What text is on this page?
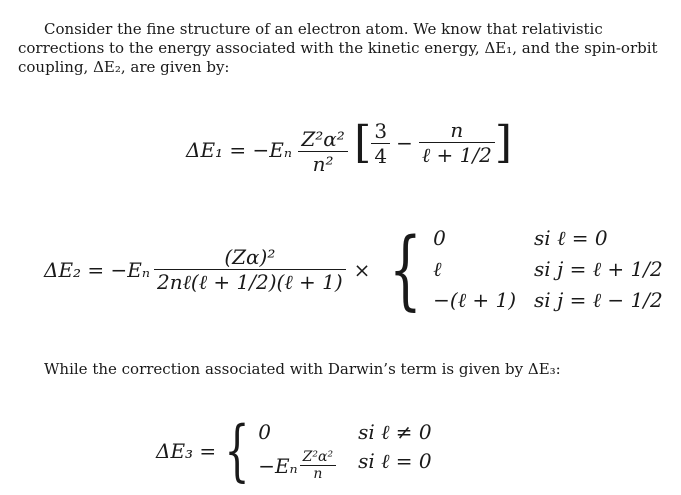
Consider the fine structure of an electron atom. We know that relativistic corrections to the energy associated with the kinetic energy, ΔE₁, and the spin-orbit coupling, ΔE₂, are given by:

$\Delta E_1 = -E_n \frac{\text{Z²α²}}{\text{n²}}$
[ $\frac{3}{4} - \frac{n}{\text{ℓ + 1/2}}$ ]
$\Delta E_2 = -E_n \frac{\text{(Zα)²}}{\text{2nℓ(ℓ + 1/2)(ℓ + 1)}}$ × { 0	si ℓ = 0
ℓ	si j = ℓ + 1/2
−(ℓ + 1) si j = ℓ − 1/2

While the correction associated with Darwin’s term is given by ΔE₃:

ΔE₃ = { 0	si ℓ ≠ 0
$-E_n \frac{\text{Z²α²}}{n}$ si ℓ = 0
